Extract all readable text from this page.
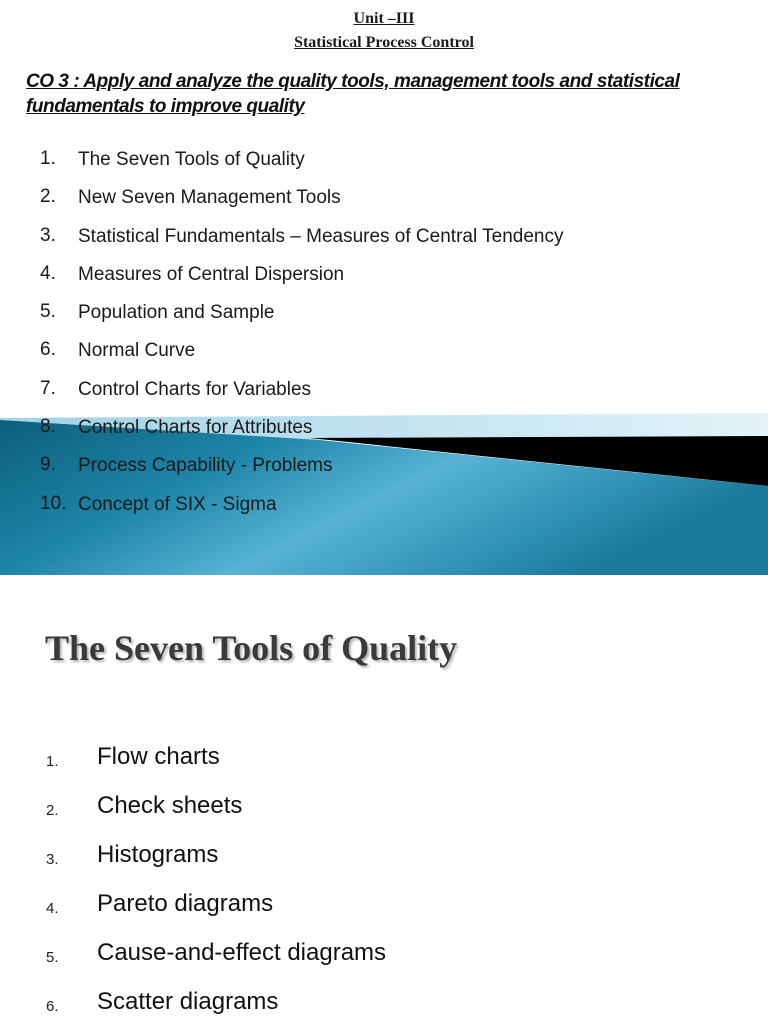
Unit –III
Statistical Process Control
CO 3 : Apply and analyze the quality tools, management tools and statistical fundamentals to improve quality
1. The Seven Tools of Quality
2. New Seven Management Tools
3. Statistical Fundamentals – Measures of Central Tendency
4. Measures of Central Dispersion
5. Population and Sample
6. Normal Curve
7. Control Charts for Variables
8. Control Charts for Attributes
9. Process Capability - Problems
10. Concept of SIX - Sigma
The Seven Tools of Quality
1. Flow charts
2. Check sheets
3. Histograms
4. Pareto diagrams
5. Cause-and-effect diagrams
6. Scatter diagrams
